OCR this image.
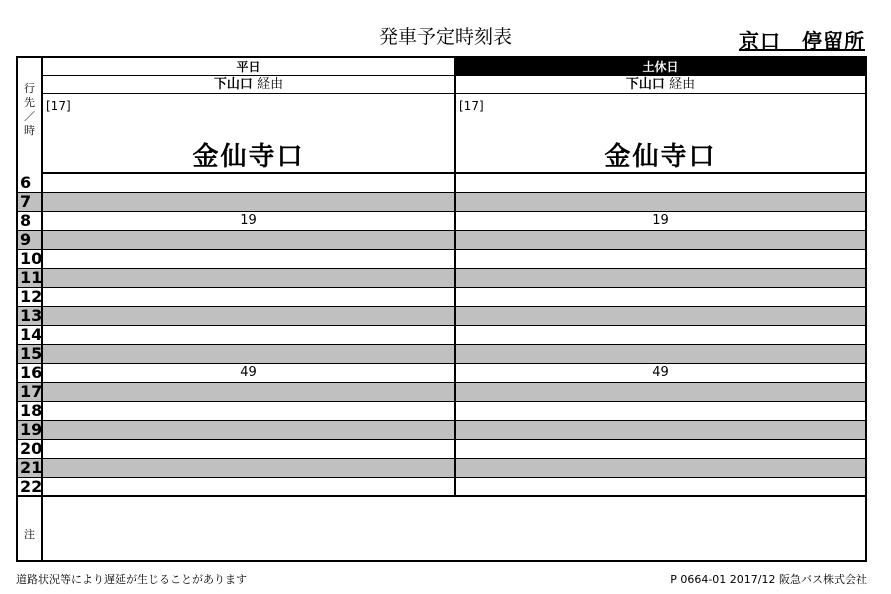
発車予定時刻表	京口　停留所
行
先
／
時
6
7
8
9
10
11
12
13
14
15
16
17
18
19
20
21
22
注
平日
下山口 経由
[17]
金仙寺口
19
49
土休日
下山口 経由
[17]
金仙寺口
19
49
道路状況等により遅延が生じることがあります	P 0664-01 2017/12 阪急バス株式会社
